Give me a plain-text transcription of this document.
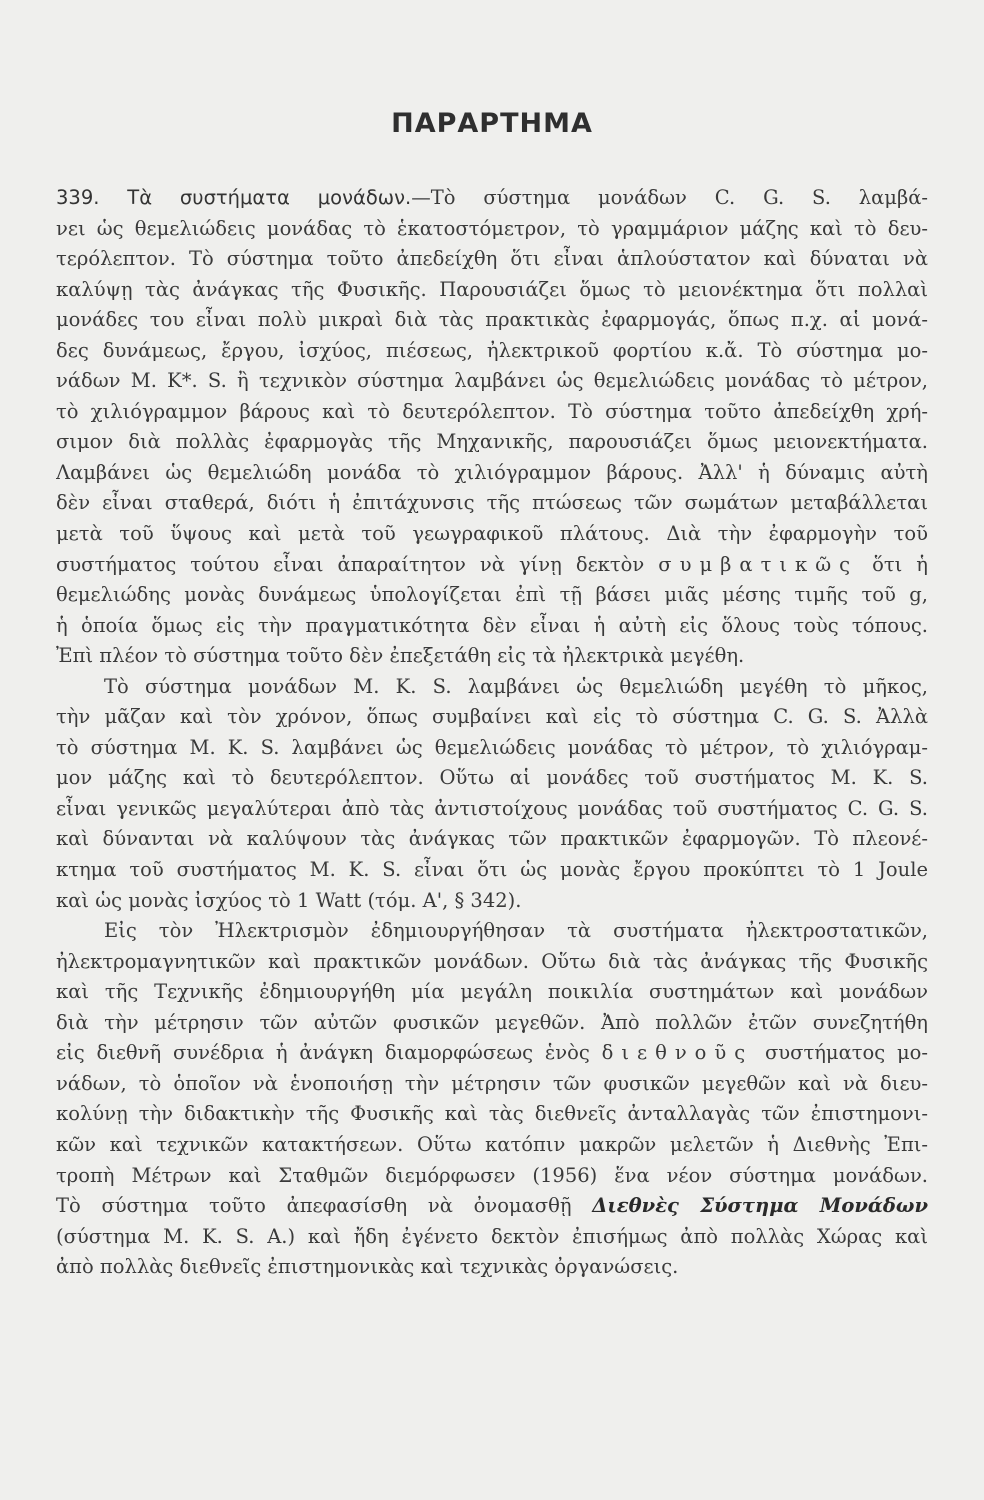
ΠΑΡΑΡΤΗΜΑ
339. Τὰ συστήματα μονάδων.—Τὸ σύστημα μονάδων C. G. S. λαμβά-
νει ὡς θεμελιώδεις μονάδας τὸ ἑκατοστόμετρον, τὸ γραμμάριον μάζης καὶ τὸ δευ-
τερόλεπτον. Τὸ σύστημα τοῦτο ἀπεδείχθη ὅτι εἶναι ἁπλούστατον καὶ δύναται νὰ
καλύψῃ τὰς ἀνάγκας τῆς Φυσικῆς. Παρουσιάζει ὅμως τὸ μειονέκτημα ὅτι πολλαὶ
μονάδες του εἶναι πολὺ μικραὶ διὰ τὰς πρακτικὰς ἐφαρμογάς, ὅπως π.χ. αἱ μονά-
δες δυνάμεως, ἔργου, ἰσχύος, πιέσεως, ἠλεκτρικοῦ φορτίου κ.ἄ. Τὸ σύστημα μο-
νάδων Μ. Κ*. S. ἢ τεχνικὸν σύστημα λαμβάνει ὡς θεμελιώδεις μονάδας τὸ μέτρον,
τὸ χιλιόγραμμον βάρους καὶ τὸ δευτερόλεπτον. Τὸ σύστημα τοῦτο ἀπεδείχθη χρή-
σιμον διὰ πολλὰς ἐφαρμογὰς τῆς Μηχανικῆς, παρουσιάζει ὅμως μειονεκτήματα.
Λαμβάνει ὡς θεμελιώδη μονάδα τὸ χιλιόγραμμον βάρους. Ἀλλ' ἡ δύναμις αὐτὴ
δὲν εἶναι σταθερά, διότι ἡ ἐπιτάχυνσις τῆς πτώσεως τῶν σωμάτων μεταβάλλεται
μετὰ τοῦ ὕψους καὶ μετὰ τοῦ γεωγραφικοῦ πλάτους. Διὰ τὴν ἐφαρμογὴν τοῦ
συστήματος τούτου εἶναι ἀπαραίτητον νὰ γίνῃ δεκτὸν συμβατικῶς ὅτι ἡ
θεμελιώδης μονὰς δυνάμεως ὑπολογίζεται ἐπὶ τῇ βάσει μιᾶς μέσης τιμῆς τοῦ g,
ἡ ὁποία ὅμως εἰς τὴν πραγματικότητα δὲν εἶναι ἡ αὐτὴ εἰς ὅλους τοὺς τόπους.
Ἐπὶ πλέον τὸ σύστημα τοῦτο δὲν ἐπεξετάθη εἰς τὰ ἠλεκτρικὰ μεγέθη.
Τὸ σύστημα μονάδων Μ. Κ. S. λαμβάνει ὡς θεμελιώδη μεγέθη τὸ μῆκος,
τὴν μᾶζαν καὶ τὸν χρόνον, ὅπως συμβαίνει καὶ εἰς τὸ σύστημα C. G. S. Ἀλλὰ
τὸ σύστημα Μ. Κ. S. λαμβάνει ὡς θεμελιώδεις μονάδας τὸ μέτρον, τὸ χιλιόγραμ-
μον μάζης καὶ τὸ δευτερόλεπτον. Οὕτω αἱ μονάδες τοῦ συστήματος Μ. Κ. S.
εἶναι γενικῶς μεγαλύτεραι ἀπὸ τὰς ἀντιστοίχους μονάδας τοῦ συστήματος C. G. S.
καὶ δύνανται νὰ καλύψουν τὰς ἀνάγκας τῶν πρακτικῶν ἐφαρμογῶν. Τὸ πλεονέ-
κτημα τοῦ συστήματος Μ. Κ. S. εἶναι ὅτι ὡς μονὰς ἔργου προκύπτει τὸ 1 Joule
καὶ ὡς μονὰς ἰσχύος τὸ 1 Watt (τόμ. Α', § 342).
Εἰς τὸν Ἠλεκτρισμὸν ἐδημιουργήθησαν τὰ συστήματα ἠλεκτροστατικῶν,
ἠλεκτρομαγνητικῶν καὶ πρακτικῶν μονάδων. Οὕτω διὰ τὰς ἀνάγκας τῆς Φυσικῆς
καὶ τῆς Τεχνικῆς ἐδημιουργήθη μία μεγάλη ποικιλία συστημάτων καὶ μονάδων
διὰ τὴν μέτρησιν τῶν αὐτῶν φυσικῶν μεγεθῶν. Ἀπὸ πολλῶν ἐτῶν συνεζητήθη
εἰς διεθνῆ συνέδρια ἡ ἀνάγκη διαμορφώσεως ἑνὸς διεθνοῦς συστήματος μο-
νάδων, τὸ ὁποῖον νὰ ἑνοποιήσῃ τὴν μέτρησιν τῶν φυσικῶν μεγεθῶν καὶ νὰ διευ-
κολύνῃ τὴν διδακτικὴν τῆς Φυσικῆς καὶ τὰς διεθνεῖς ἀνταλλαγὰς τῶν ἐπιστημονι-
κῶν καὶ τεχνικῶν κατακτήσεων. Οὕτω κατόπιν μακρῶν μελετῶν ἡ Διεθνὴς Ἐπι-
τροπὴ Μέτρων καὶ Σταθμῶν διεμόρφωσεν (1956) ἕνα νέον σύστημα μονάδων.
Τὸ σύστημα τοῦτο ἀπεφασίσθη νὰ ὀνομασθῇ Διεθνὲς Σύστημα Μονάδων
(σύστημα Μ. Κ. S. Α.) καὶ ἤδη ἐγένετο δεκτὸν ἐπισήμως ἀπὸ πολλὰς Χώρας καὶ
ἀπὸ πολλὰς διεθνεῖς ἐπιστημονικὰς καὶ τεχνικὰς ὀργανώσεις.
